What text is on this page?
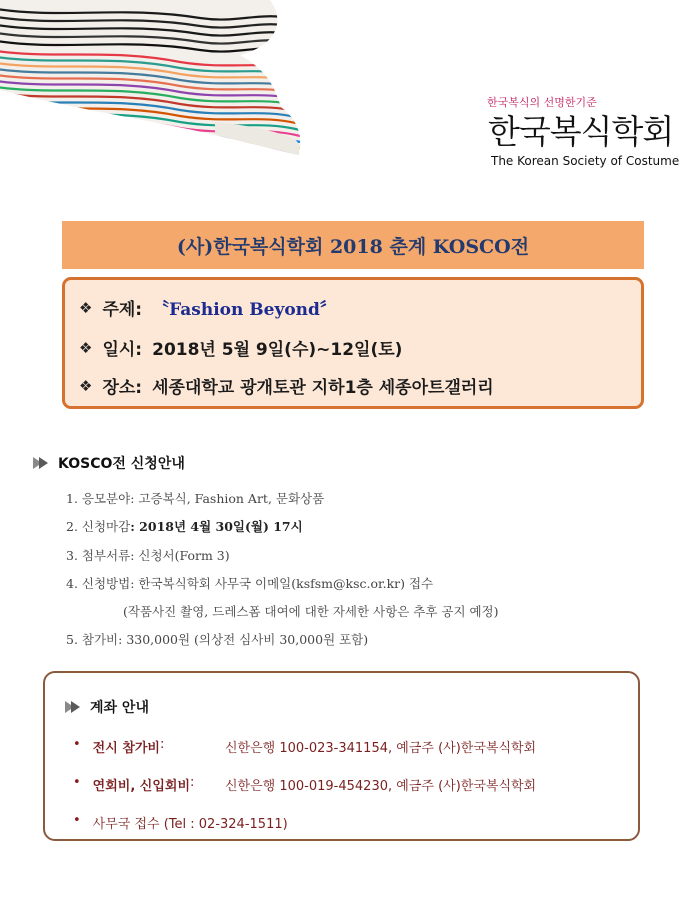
한국복식의 선명한기준
한국복식학회
The Korean Society of Costume
(사)한국복식학회 2018 춘계 KOSCO전
❖ 주제: 〝Fashion Beyond〞
❖ 일시: 2018년 5월 9일(수)~12일(토)
❖ 장소: 세종대학교 광개토관 지하1층 세종아트갤러리
KOSCO전 신청안내
1. 응모분야: 고증복식, Fashion Art, 문화상품
2. 신청마감: 2018년 4월 30일(월) 17시
3. 첨부서류: 신청서(Form 3)
4. 신청방법: 한국복식학회 사무국 이메일(ksfsm@ksc.or.kr) 접수
(작품사진 촬영, 드레스폼 대여에 대한 자세한 사항은 추후 공지 예정)
5. 참가비: 330,000원 (의상전 심사비 30,000원 포함)
계좌 안내
• 전시 참가비 :	신한은행 100-023-341154, 예금주 (사)한국복식학회
• 연회비, 신입회비 : 신한은행 100-019-454230, 예금주 (사)한국복식학회
• 사무국 접수 (Tel : 02-324-1511)
